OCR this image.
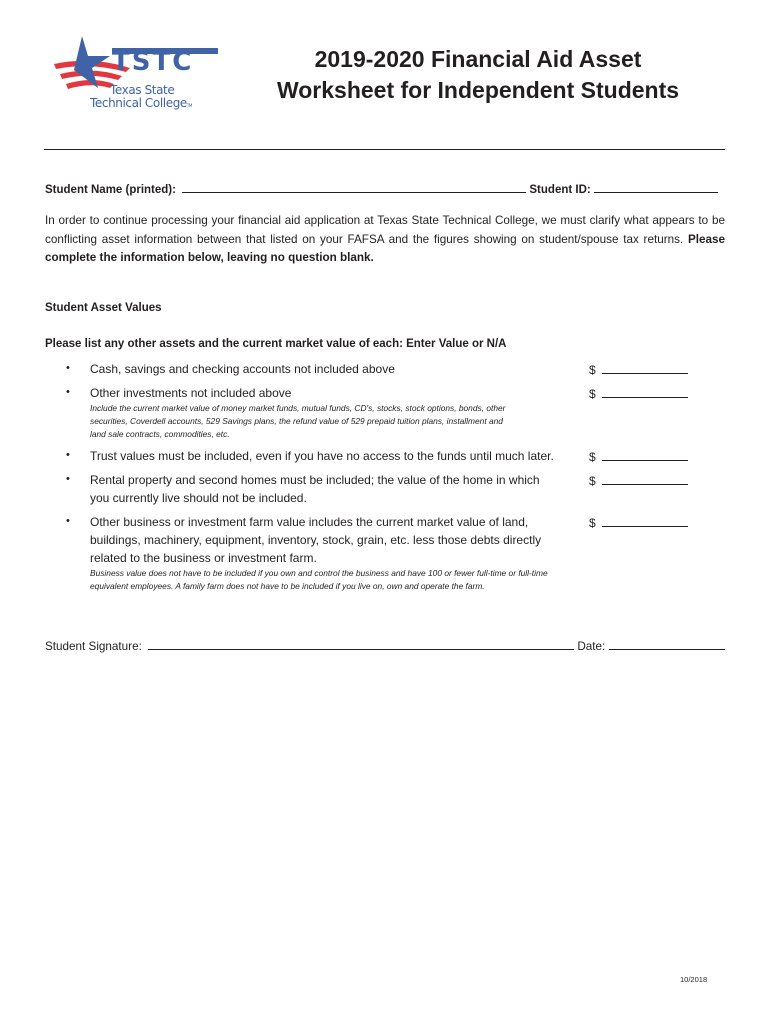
TSTC
Texas State
Technical CollegeTM
2019-2020 Financial Aid Asset
Worksheet for Independent Students
Student Name (printed):	Student ID:
In order to continue processing your financial aid application at Texas State Technical College, we must clarify what appears to be conflicting asset information between that listed on your FAFSA and the figures showing on student/spouse tax returns. Please complete the information below, leaving no question blank.
Student Asset Values
Please list any other assets and the current market value of each: Enter Value or N/A
• Cash, savings and checking accounts not included above	$
• Other investments not included above
Include the current market value of money market funds, mutual funds, CD's, stocks, stock options, bonds, other securities, Coverdell accounts, 529 Savings plans, the refund value of 529 prepaid tuition plans, installment and land sale contracts, commodities, etc.
$
• Trust values must be included, even if you have no access to the funds until much later.	$
• Rental property and second homes must be included; the value of the home in which you currently live should not be included.
$
• Other business or investment farm value includes the current market value of land, buildings, machinery, equipment, inventory, stock, grain, etc. less those debts directly related to the business or investment farm.
Business value does not have to be included if you own and control the business and have 100 or fewer full-time or full-time equivalent employees. A family farm does not have to be included if you live on, own and operate the farm.
$
Student Signature:	Date:
10/2018
